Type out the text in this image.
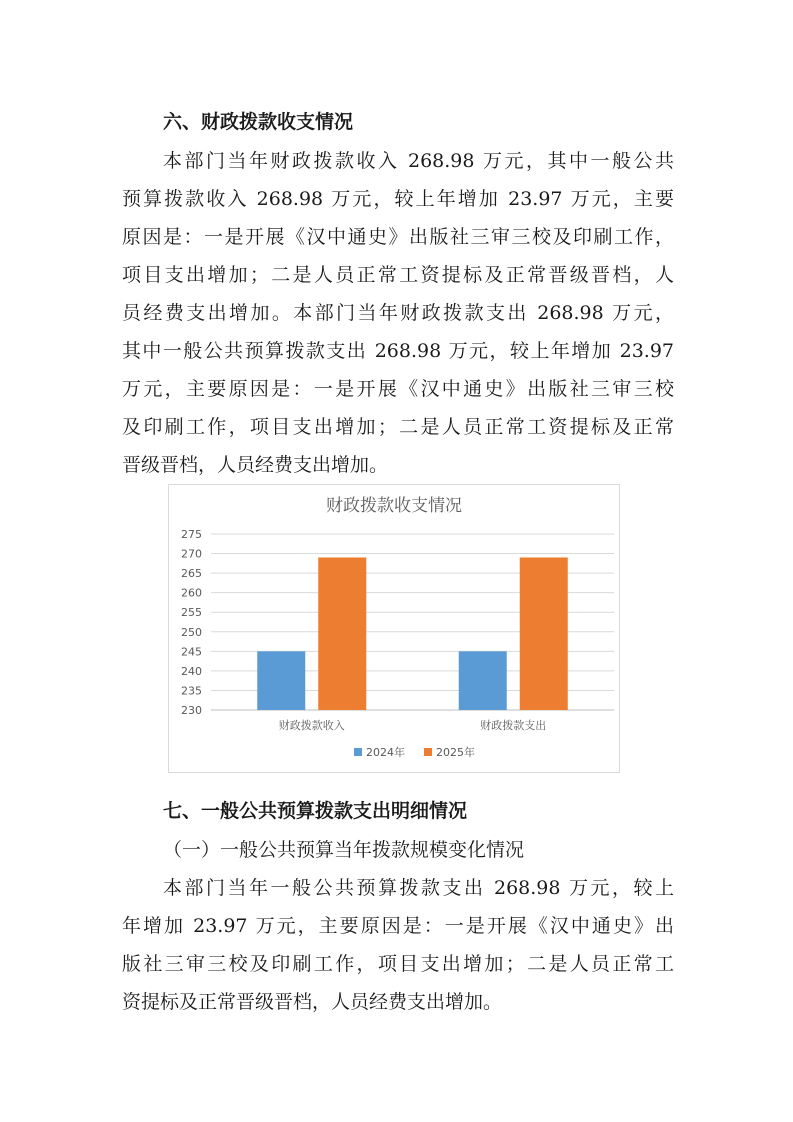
六、财政拨款收支情况
本部门当年财政拨款收入 268.98 万元，其中一般公共
预算拨款收入 268.98 万元，较上年增加 23.97 万元，主要
原因是：一是开展《汉中通史》出版社三审三校及印刷工作，
项目支出增加；二是人员正常工资提标及正常晋级晋档，人
员经费支出增加。本部门当年财政拨款支出 268.98 万元，
其中一般公共预算拨款支出 268.98 万元，较上年增加 23.97
万元，主要原因是：一是开展《汉中通史》出版社三审三校
及印刷工作，项目支出增加；二是人员正常工资提标及正常
晋级晋档，人员经费支出增加。
财政拨款收支情况
230
235
240
245
250
255
260
265
270
275
财政拨款收入	财政拨款支出
2024年	2025年
七、一般公共预算拨款支出明细情况
（一）一般公共预算当年拨款规模变化情况
本部门当年一般公共预算拨款支出 268.98 万元，较上
年增加 23.97 万元，主要原因是：一是开展《汉中通史》出
版社三审三校及印刷工作，项目支出增加；二是人员正常工
资提标及正常晋级晋档，人员经费支出增加。
